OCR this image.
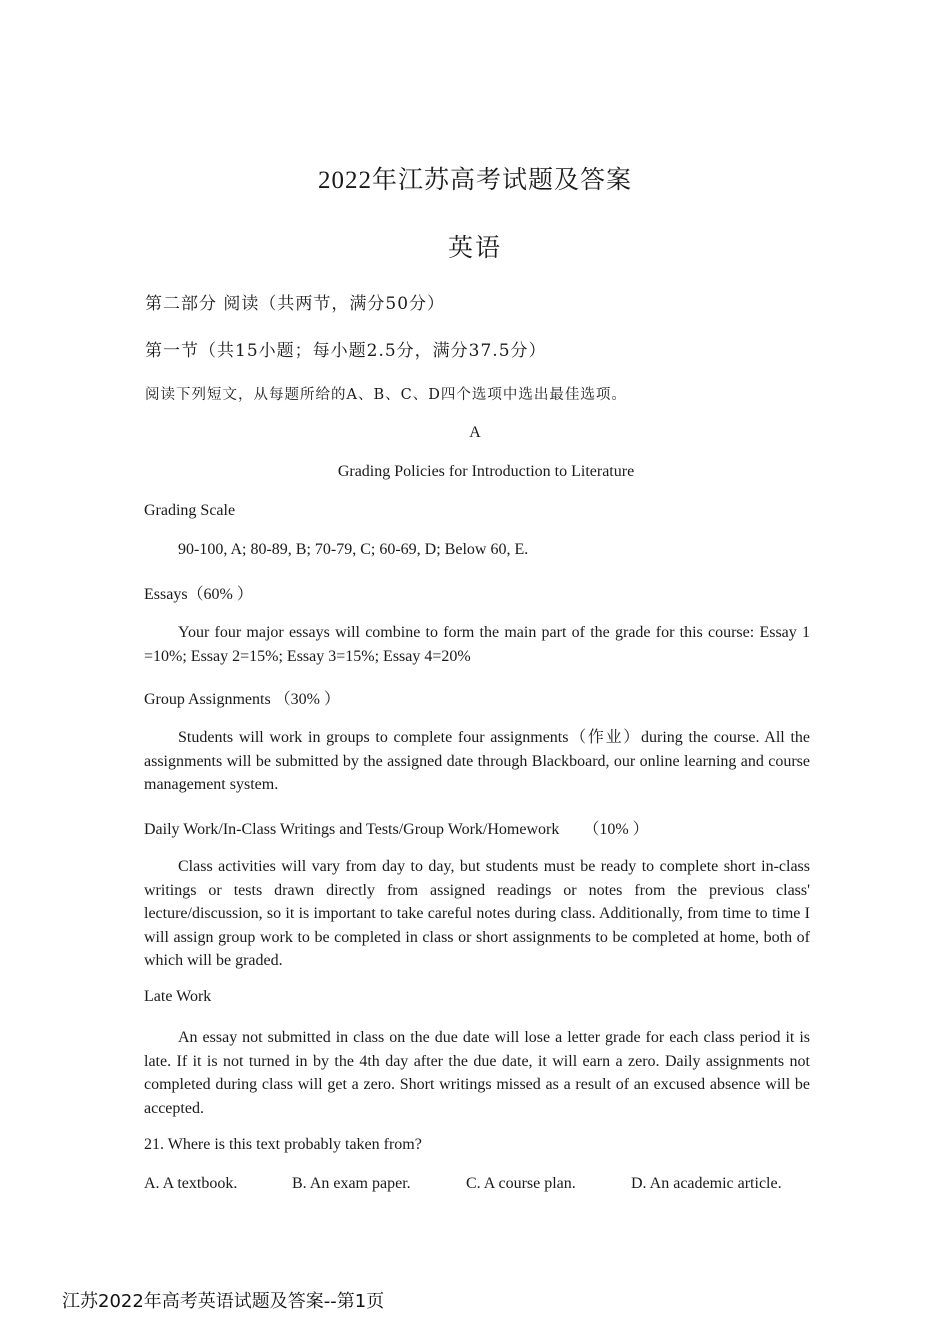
2022年江苏高考试题及答案
英语
第二部分 阅读（共两节，满分50分）
第一节（共15小题；每小题2.5分，满分37.5分）
阅读下列短文，从每题所给的A、B、C、D四个选项中选出最佳选项。
A
Grading Policies for Introduction to Literature
Grading Scale
90-100, A; 80-89, B; 70-79, C; 60-69, D; Below 60, E.
Essays（60% ）
Your four major essays will combine to form the main part of the grade for this course: Essay 1 =10%; Essay 2=15%; Essay 3=15%; Essay 4=20%
Group Assignments （30% ）
Students will work in groups to complete four assignments（作业）during the course. All the assignments will be submitted by the assigned date through Blackboard, our online learning and course management system.
Daily Work/In-Class Writings and Tests/Group Work/Homework　　（10% ）
Class activities will vary from day to day, but students must be ready to complete short in-class writings or tests drawn directly from assigned readings or notes from the previous class' lecture/discussion, so it is important to take careful notes during class. Additionally, from time to time I will assign group work to be completed in class or short assignments to be completed at home, both of which will be graded.
Late Work
An essay not submitted in class on the due date will lose a letter grade for each class period it is late. If it is not turned in by the 4th day after the due date, it will earn a zero. Daily assignments not completed during class will get a zero. Short writings missed as a result of an excused absence will be accepted.
21. Where is this text probably taken from?
A. A textbook.	B. An exam paper.	C. A course plan.	D. An academic article.
江苏2022年高考英语试题及答案--第1页
